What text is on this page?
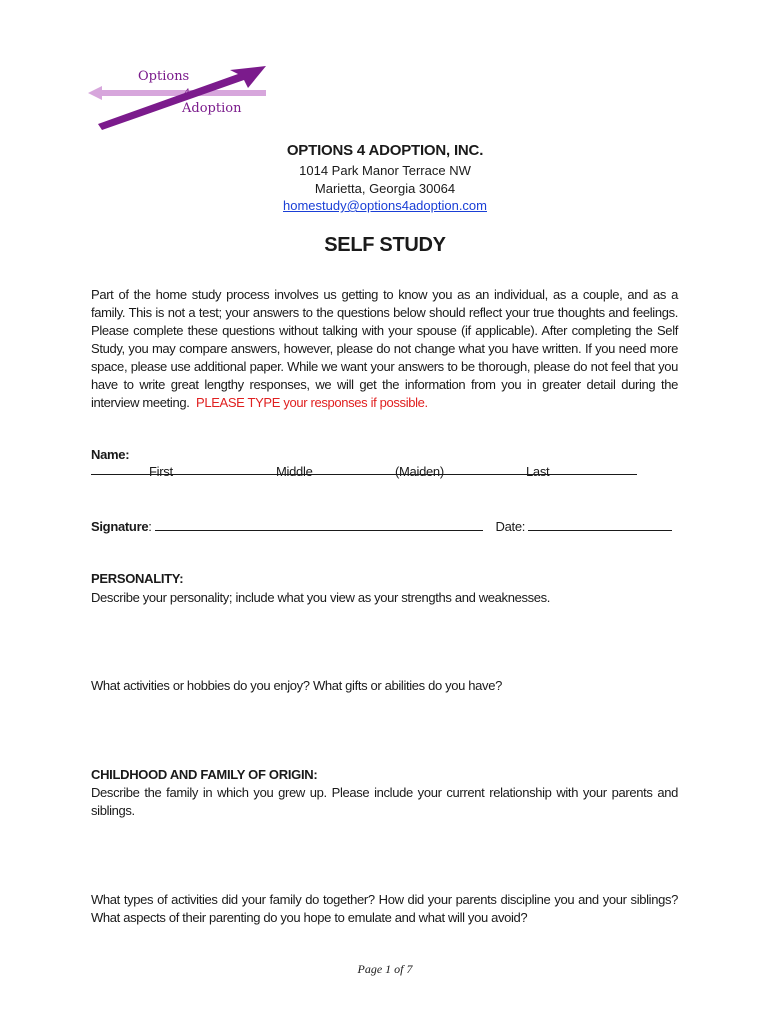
Options
4
Adoption
OPTIONS 4 ADOPTION, INC.
1014 Park Manor Terrace NW
Marietta, Georgia 30064
homestudy@options4adoption.com
SELF STUDY
Part of the home study process involves us getting to know you as an individual, as a couple, and as a family. This is not a test; your answers to the questions below should reflect your true thoughts and feelings. Please complete these questions without talking with your spouse (if applicable). After completing the Self Study, you may compare answers, however, please do not change what you have written. If you need more space, please use additional paper. While we want your answers to be thorough, please do not feel that you have to write great lengthy responses, we will get the information from you in greater detail during the interview meeting. PLEASE TYPE your responses if possible.
Name:
First	Middle	(Maiden)	Last
Signature:	Date:
PERSONALITY:
Describe your personality; include what you view as your strengths and weaknesses.
What activities or hobbies do you enjoy? What gifts or abilities do you have?
CHILDHOOD AND FAMILY OF ORIGIN:
Describe the family in which you grew up. Please include your current relationship with your parents and siblings.
What types of activities did your family do together? How did your parents discipline you and your siblings? What aspects of their parenting do you hope to emulate and what will you avoid?
Page 1 of 7
